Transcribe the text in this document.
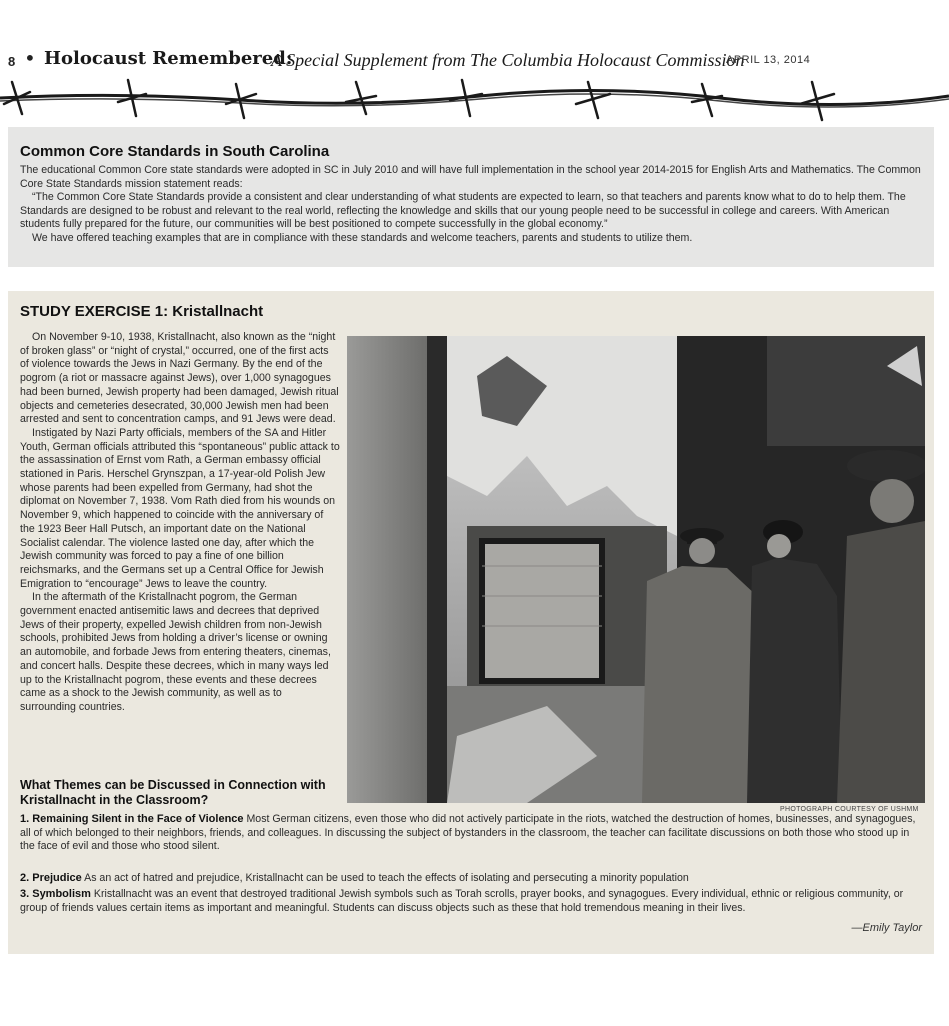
8 • Holocaust Remembered:
A Special Supplement from The Columbia Holocaust Commission
APRIL 13, 2014
Common Core Standards in South Carolina

The educational Common Core state standards were adopted in SC in July 2010 and will have full implementation in the school year 2014-2015 for English Arts and Mathematics. The Common Core State Standards mission statement reads:

“The Common Core State Standards provide a consistent and clear understanding of what students are expected to learn, so that teachers and parents know what to do to help them. The Standards are designed to be robust and relevant to the real world, reflecting the knowledge and skills that our young people need to be successful in college and careers. With American students fully prepared for the future, our communities will be best positioned to compete successfully in the global economy.”

We have offered teaching examples that are in compliance with these standards and welcome teachers, parents and students to utilize them.

STUDY EXERCISE 1: Kristallnacht

On November 9-10, 1938, Kristallnacht, also known as the “night of broken glass” or “night of crystal,” occurred, one of the first acts of violence towards the Jews in Nazi Germany. By the end of the pogrom (a riot or massacre against Jews), over 1,000 synagogues had been burned, Jewish property had been damaged, Jewish ritual objects and cemeteries desecrated, 30,000 Jewish men had been arrested and sent to concentration camps, and 91 Jews were dead.

Instigated by Nazi Party officials, members of the SA and Hitler Youth, German officials attributed this “spontaneous” public attack to the assassination of Ernst vom Rath, a German embassy official stationed in Paris. Herschel Grynszpan, a 17-year-old Polish Jew whose parents had been expelled from Germany, had shot the diplomat on November 7, 1938. Vom Rath died from his wounds on November 9, which happened to coincide with the anniversary of the 1923 Beer Hall Putsch, an important date on the National Socialist calendar. The violence lasted one day, after which the Jewish community was forced to pay a fine of one billion reichsmarks, and the Germans set up a Central Office for Jewish Emigration to “encourage” Jews to leave the country.

In the aftermath of the Kristallnacht pogrom, the German government enacted antisemitic laws and decrees that deprived Jews of their property, expelled Jewish children from non-Jewish schools, prohibited Jews from holding a driver’s license or owning an automobile, and forbade Jews from entering theaters, cinemas, and concert halls. Despite these decrees, which in many ways led up to the Kristallnacht pogrom, these events and these decrees came as a shock to the Jewish community, as well as to surrounding countries.

What Themes can be Discussed in Connection with Kristallnacht in the Classroom?
1. Remaining Silent in the Face of Violence Most German citizens, even those who did not actively participate in the riots, watched the destruction of homes, businesses, and synagogues, all of which belonged to their neighbors, friends, and colleagues. In discussing the subject of bystanders in the classroom, the teacher can facilitate discussions on both those who stood up in the face of evil and those who stood silent.
2. Prejudice As an act of hatred and prejudice, Kristallnacht can be used to teach the effects of isolating and persecuting a minority population
3. Symbolism Kristallnacht was an event that destroyed traditional Jewish symbols such as Torah scrolls, prayer books, and synagogues. Every individual, ethnic or religious community, or group of friends values certain items as important and meaningful. Students can discuss objects such as these that hold tremendous meaning in their lives.
—Emily Taylor
PHOTOGRAPH COURTESY OF USHMM
